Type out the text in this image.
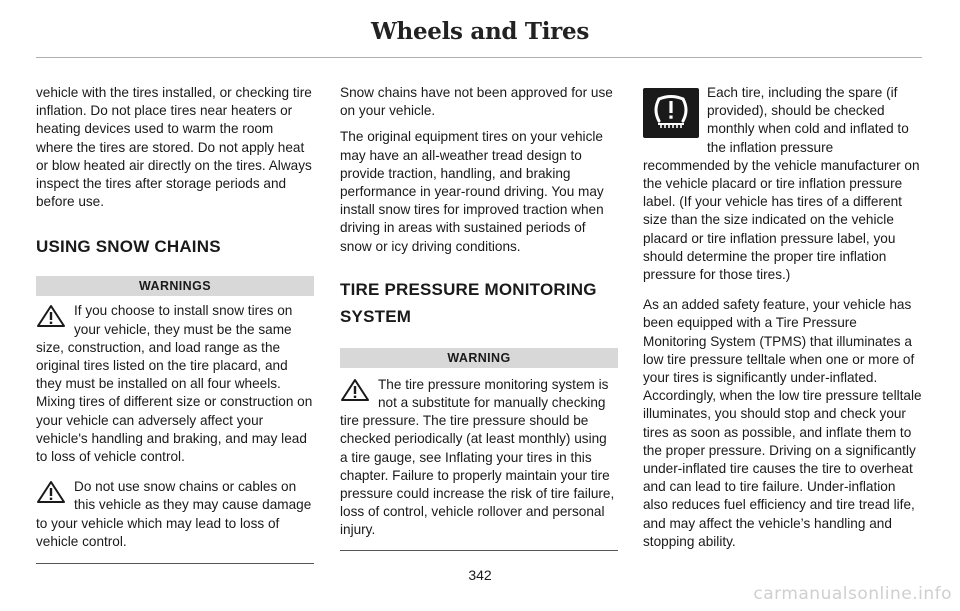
Wheels and Tires

vehicle with the tires installed, or checking tire inflation. Do not place tires near heaters or heating devices used to warm the room where the tires are stored. Do not apply heat or blow heated air directly on the tires. Always inspect the tires after storage periods and before use.

USING SNOW CHAINS
WARNINGS

If you choose to install snow tires on your vehicle, they must be the same size, construction, and load range as the original tires listed on the tire placard, and they must be installed on all four wheels. Mixing tires of different size or construction on your vehicle can adversely affect your vehicle's handling and braking, and may lead to loss of vehicle control.

Do not use snow chains or cables on this vehicle as they may cause damage to your vehicle which may lead to loss of vehicle control.

Snow chains have not been approved for use on your vehicle.

The original equipment tires on your vehicle may have an all-weather tread design to provide traction, handling, and braking performance in year-round driving. You may install snow tires for improved traction when driving in areas with sustained periods of snow or icy driving conditions.

TIRE PRESSURE MONITORING
SYSTEM
WARNING

The tire pressure monitoring system is not a substitute for manually checking tire pressure. The tire pressure should be checked periodically (at least monthly) using a tire gauge, see Inflating your tires in this chapter. Failure to properly maintain your tire pressure could increase the risk of tire failure, loss of control, vehicle rollover and personal injury.

Each tire, including the spare (if provided), should be checked monthly when cold and inflated to the inflation pressure recommended by the vehicle manufacturer on the vehicle placard or tire inflation pressure label. (If your vehicle has tires of a different size than the size indicated on the vehicle placard or tire inflation pressure label, you should determine the proper tire inflation pressure for those tires.)

As an added safety feature, your vehicle has been equipped with a Tire Pressure Monitoring System (TPMS) that illuminates a low tire pressure telltale when one or more of your tires is significantly under-inflated. Accordingly, when the low tire pressure telltale illuminates, you should stop and check your tires as soon as possible, and inflate them to the proper pressure. Driving on a significantly under-inflated tire causes the tire to overheat and can lead to tire failure. Under-inflation also reduces fuel efficiency and tire tread life, and may affect the vehicle’s handling and stopping ability.

342
carmanualsonline.info
